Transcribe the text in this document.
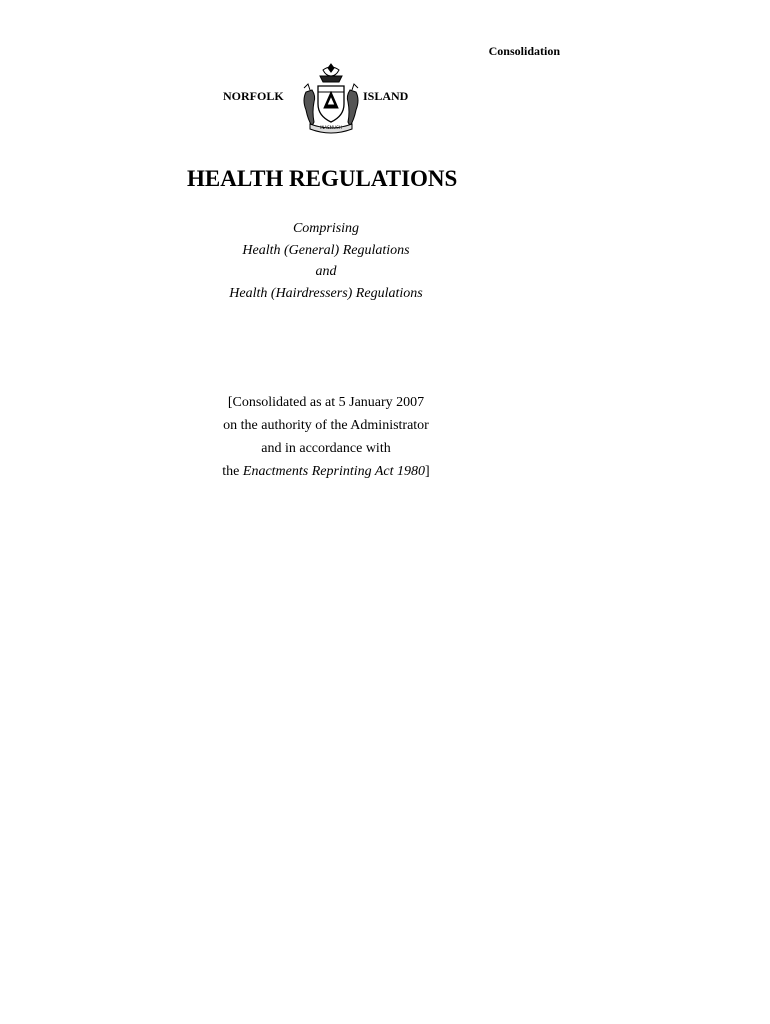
Consolidation
NORFOLK
INASMUCH
ISLAND
HEALTH REGULATIONS
Comprising
Health (General) Regulations
and
Health (Hairdressers) Regulations
[Consolidated as at 5 January 2007
on the authority of the Administrator
and in accordance with
the Enactments Reprinting Act 1980]
